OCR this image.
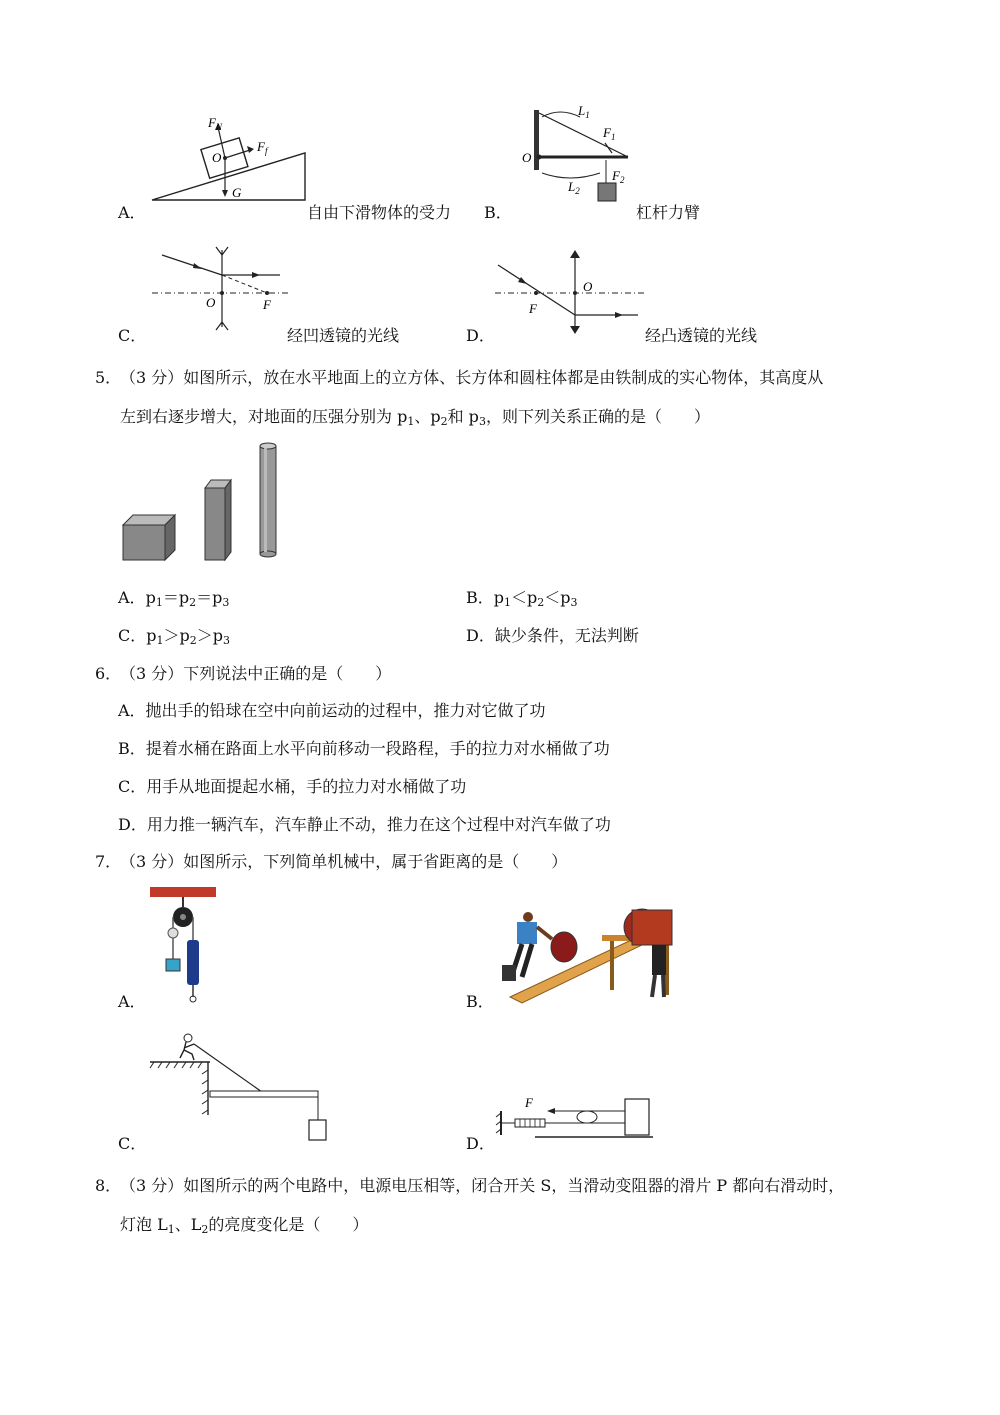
$F_N$
O
$F_f$
G
A．	自由下滑物体的受力
$L_1$
$F_1$
O
$L_2$
$F_2$
B．	杠杆力臂
O	F
C．	经凹透镜的光线
O
F
D．	经凸透镜的光线
5．
（3 分）如图所示，放在水平地面上的立方体、长方体和圆柱体都是由铁制成的实心物体，其高度从
左到右逐步增大，对地面的压强分别为 $p_1$、$p_2$和 $p_3$，则下列关系正确的是（　　）
A．$p_1=p_2=p_3$	B．$p_1<p_2<p_3$
C．$p_1>p_2>p_3$	D．缺少条件，无法判断
6．
（3 分）下列说法中正确的是（　　）
A．抛出手的铅球在空中向前运动的过程中，推力对它做了功
B．提着水桶在路面上水平向前移动一段路程，手的拉力对水桶做了功
C．用手从地面提起水桶，手的拉力对水桶做了功
D．用力推一辆汽车，汽车静止不动，推力在这个过程中对汽车做了功
7．
（3 分）如图所示，下列简单机械中，属于省距离的是（　　）
A．	B．
C．
F
D．
8．
（3 分）如图所示的两个电路中，电源电压相等，闭合开关 S，当滑动变阻器的滑片 P 都向右滑动时，
灯泡 $L_1$、$L_2$的亮度变化是（　　）
